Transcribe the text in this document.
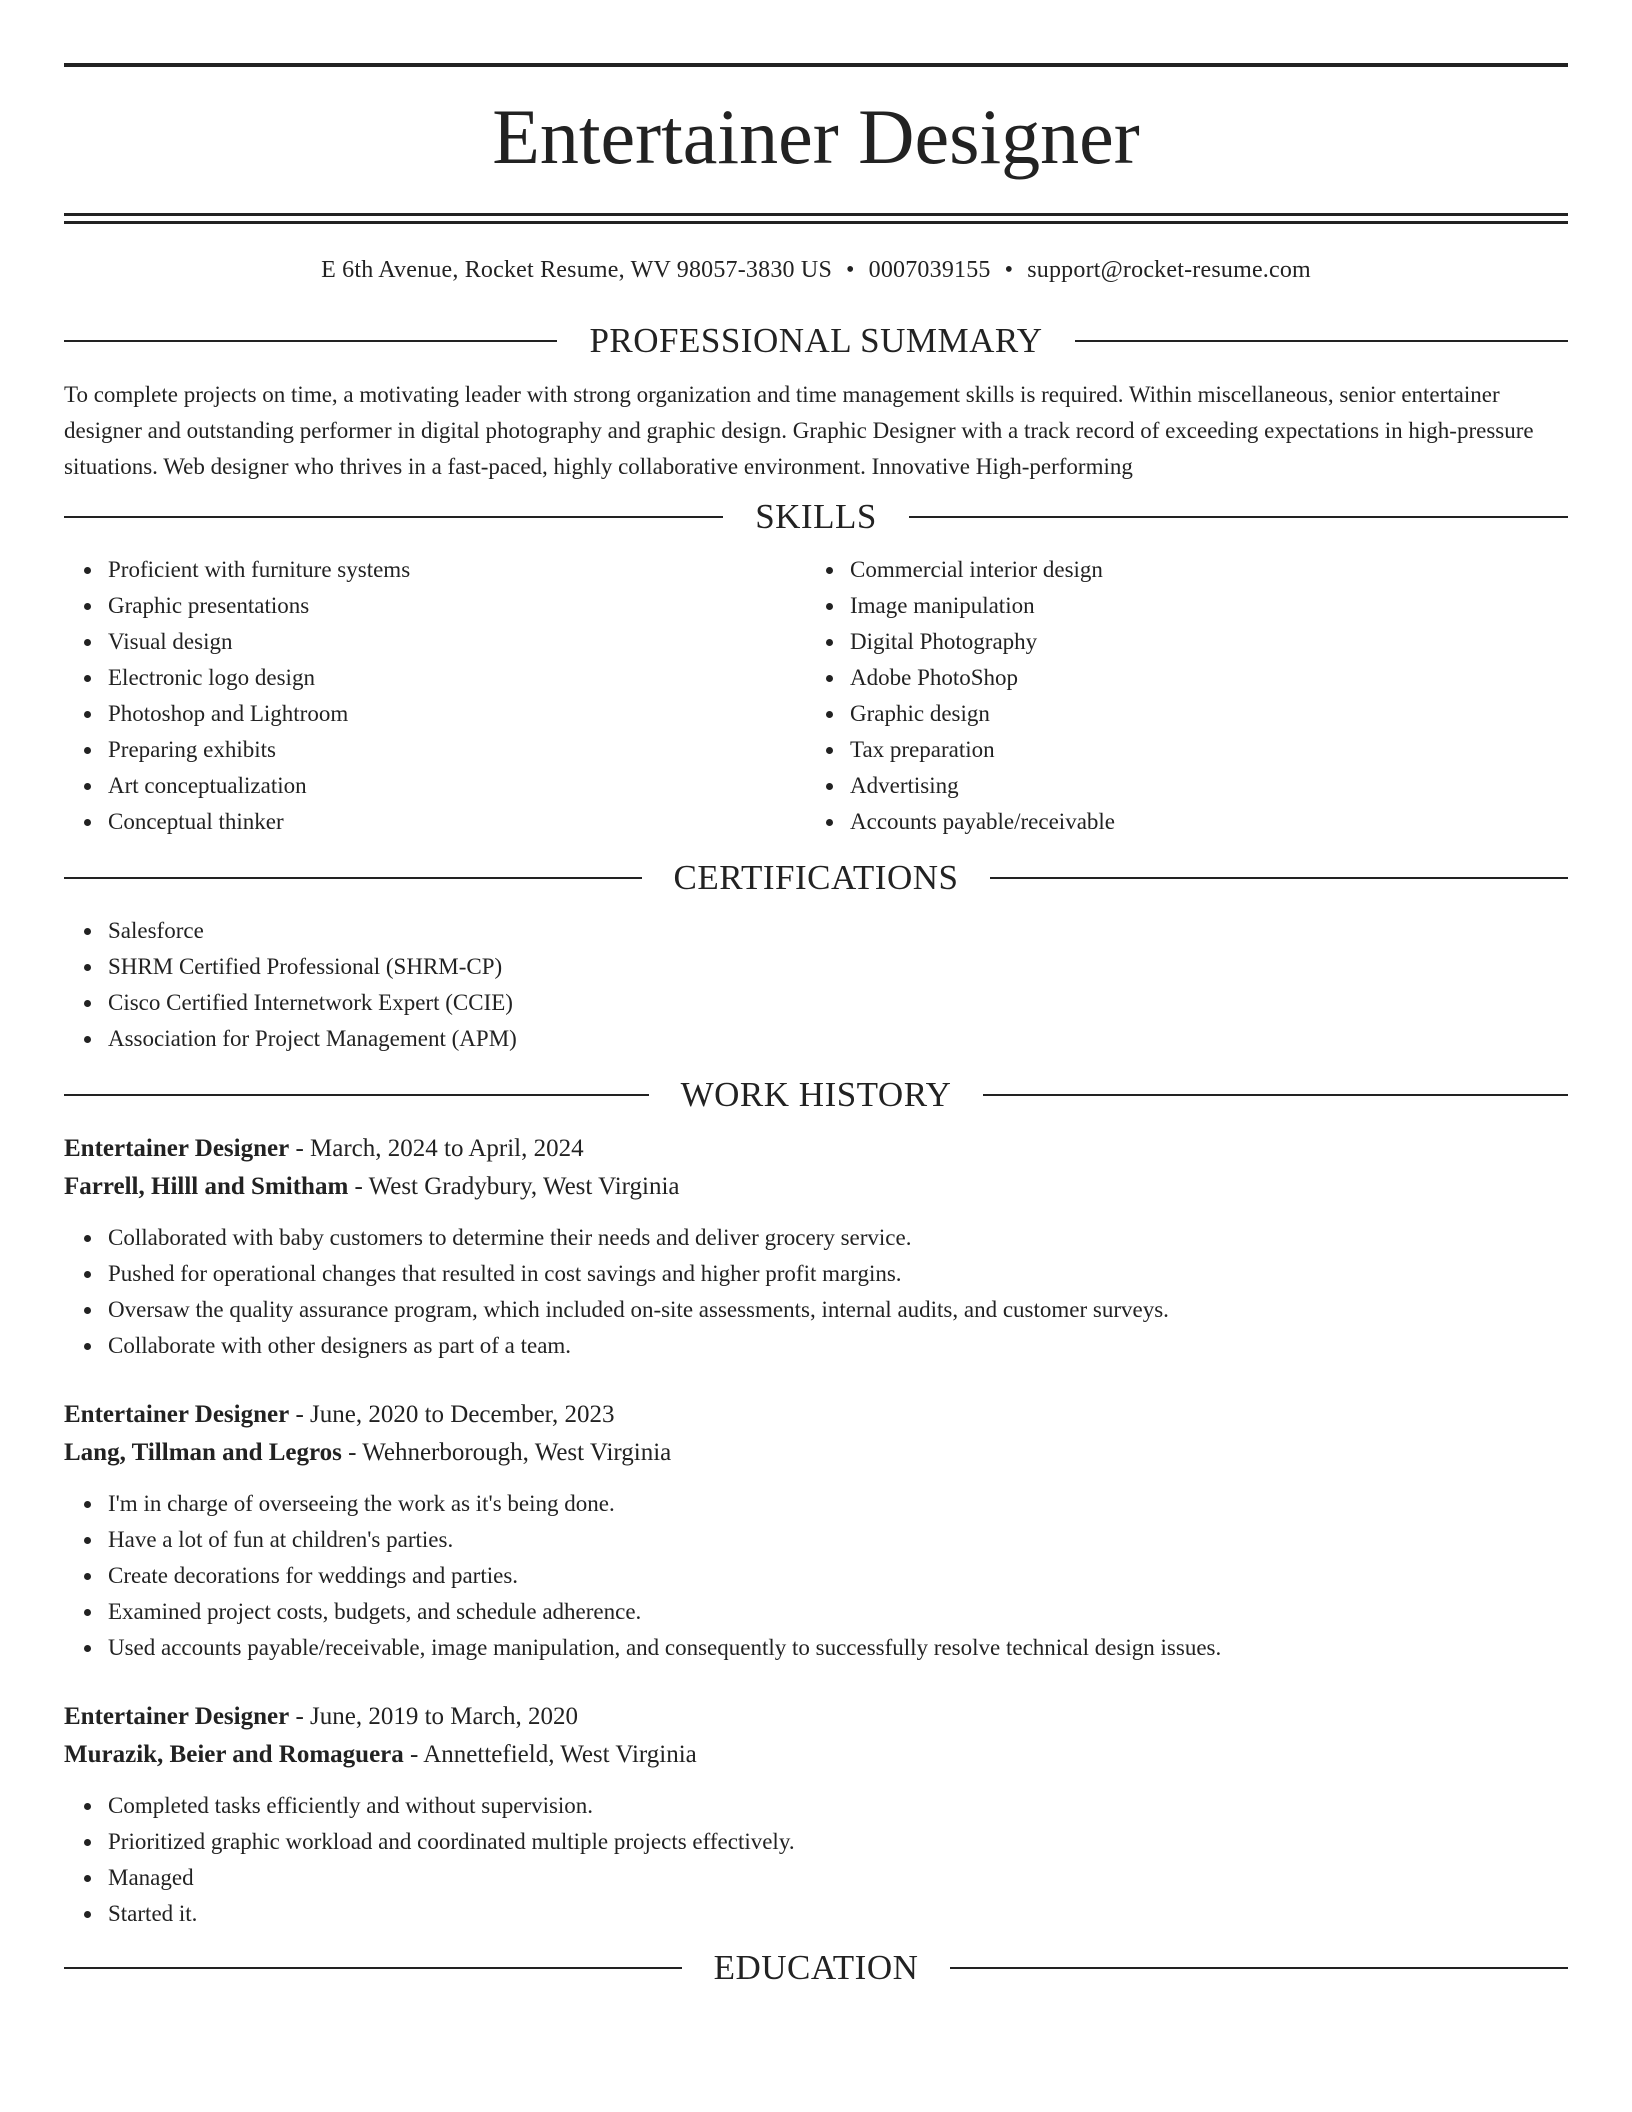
Entertainer Designer
E 6th Avenue, Rocket Resume, WV 98057-3830 US • 0007039155 • support@rocket-resume.com
PROFESSIONAL SUMMARY

To complete projects on time, a motivating leader with strong organization and time management skills is required. Within miscellaneous, senior entertainer designer and outstanding performer in digital photography and graphic design. Graphic Designer with a track record of exceeding expectations in high-pressure situations. Web designer who thrives in a fast-paced, highly collaborative environment. Innovative High-performing

SKILLS
Proficient with furniture systems
Graphic presentations
Visual design
Electronic logo design
Photoshop and Lightroom
Preparing exhibits
Art conceptualization
Conceptual thinker
Commercial interior design
Image manipulation
Digital Photography
Adobe PhotoShop
Graphic design
Tax preparation
Advertising
Accounts payable/receivable
CERTIFICATIONS
Salesforce
SHRM Certified Professional (SHRM-CP)
Cisco Certified Internetwork Expert (CCIE)
Association for Project Management (APM)
WORK HISTORY
Entertainer Designer - March, 2024 to April, 2024
Farrell, Hilll and Smitham - West Gradybury, West Virginia
Collaborated with baby customers to determine their needs and deliver grocery service.
Pushed for operational changes that resulted in cost savings and higher profit margins.
Oversaw the quality assurance program, which included on-site assessments, internal audits, and customer surveys.
Collaborate with other designers as part of a team.
Entertainer Designer - June, 2020 to December, 2023
Lang, Tillman and Legros - Wehnerborough, West Virginia
I'm in charge of overseeing the work as it's being done.
Have a lot of fun at children's parties.
Create decorations for weddings and parties.
Examined project costs, budgets, and schedule adherence.
Used accounts payable/receivable, image manipulation, and consequently to successfully resolve technical design issues.
Entertainer Designer - June, 2019 to March, 2020
Murazik, Beier and Romaguera - Annettefield, West Virginia
Completed tasks efficiently and without supervision.
Prioritized graphic workload and coordinated multiple projects effectively.
Managed
Started it.
EDUCATION
